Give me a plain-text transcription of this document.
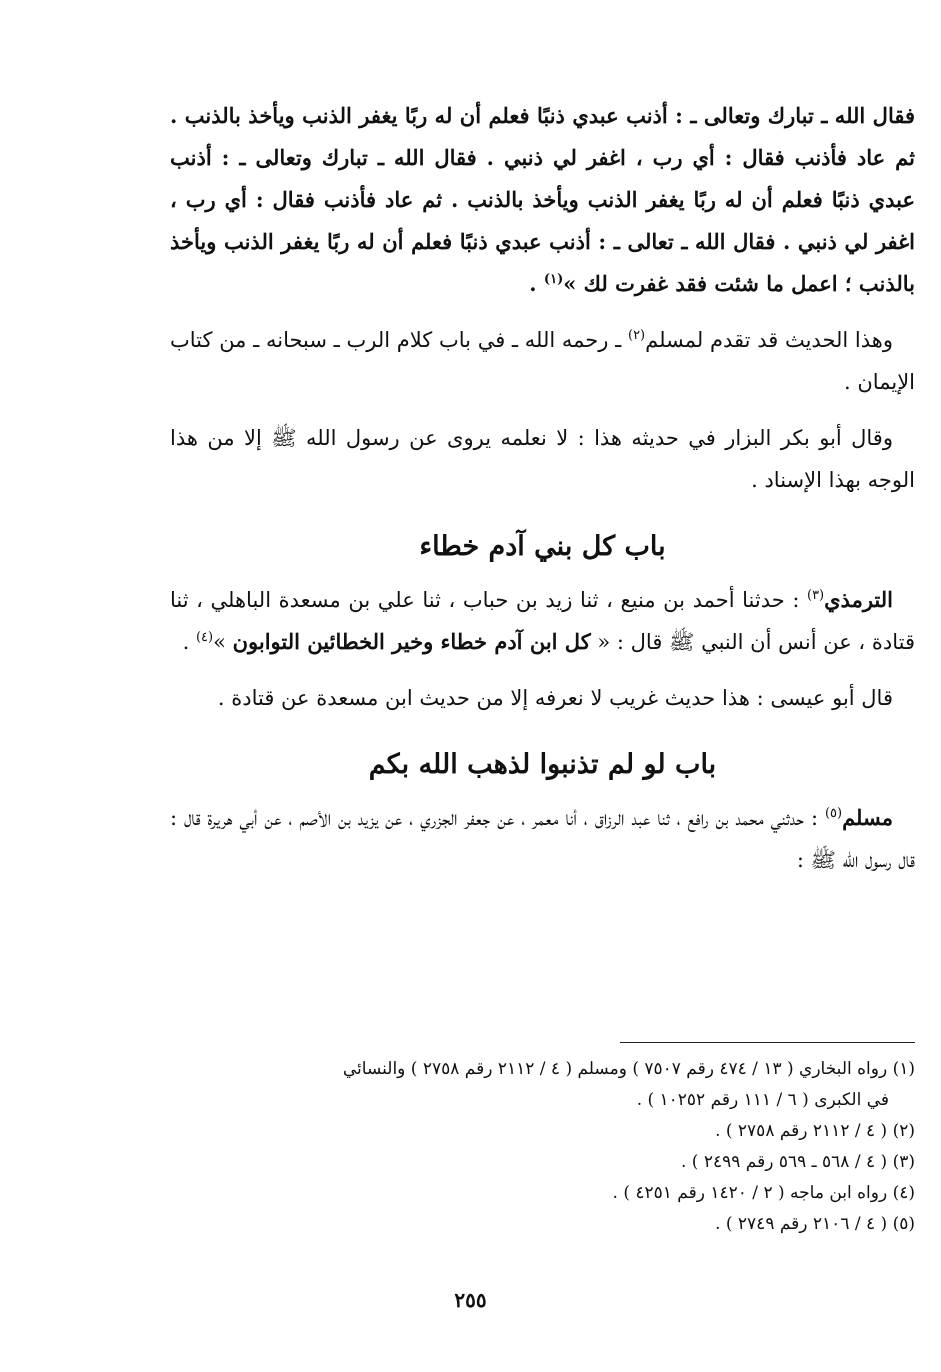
فقال الله ـ تبارك وتعالى ـ : أذنب عبدي ذنبًا فعلم أن له ربًا يغفر الذنب ويأخذ بالذنب . ثم عاد فأذنب فقال : أي رب ، اغفر لي ذنبي . فقال الله ـ تبارك وتعالى ـ : أذنب عبدي ذنبًا فعلم أن له ربًا يغفر الذنب ويأخذ بالذنب . ثم عاد فأذنب فقال : أي رب ، اغفر لي ذنبي . فقال الله ـ تعالى ـ : أذنب عبدي ذنبًا فعلم أن له ربًا يغفر الذنب ويأخذ بالذنب ؛ اعمل ما شئت فقد غفرت لك »$^{(١)}$ .

وهذا الحديث قد تقدم لمسلم$^{(٢)}$ ـ رحمه الله ـ في باب كلام الرب ـ سبحانه ـ من كتاب الإيمان .

وقال أبو بكر البزار في حديثه هذا : لا نعلمه يروى عن رسول الله ﷺ إلا من هذا الوجه بهذا الإسناد .

باب كل بني آدم خطاء

الترمذي$^{(٣)}$ : حدثنا أحمد بن منيع ، ثنا زيد بن حباب ، ثنا علي بن مسعدة الباهلي ، ثنا قتادة ، عن أنس أن النبي ﷺ قال : « كل ابن آدم خطاء وخير الخطائين التوابون »$^{(٤)}$ .

قال أبو عيسى : هذا حديث غريب لا نعرفه إلا من حديث ابن مسعدة عن قتادة .

باب لو لم تذنبوا لذهب الله بكم

مسلم$^{(٥)}$ : حدثني محمد بن رافع ، ثنا عبد الرزاق ، أنا معمر ، عن جعفر الجزري ، عن يزيد بن الأصم ، عن أبي هريرة قال : قال رسول الله ﷺ :

(١) رواه البخاري ( ١٣ / ٤٧٤ رقم ٧٥٠٧ ) ومسلم ( ٤ / ٢١١٢ رقم ٢٧٥٨ ) والنسائي
في الكبرى ( ٦ / ١١١ رقم ١٠٢٥٢ ) .
(٢) ( ٤ / ٢١١٢ رقم ٢٧٥٨ ) .
(٣) ( ٤ / ٥٦٨ ـ ٥٦٩ رقم ٢٤٩٩ ) .
(٤) رواه ابن ماجه ( ٢ / ١٤٢٠ رقم ٤٢٥١ ) .
(٥) ( ٤ / ٢١٠٦ رقم ٢٧٤٩ ) .
٢٥٥
